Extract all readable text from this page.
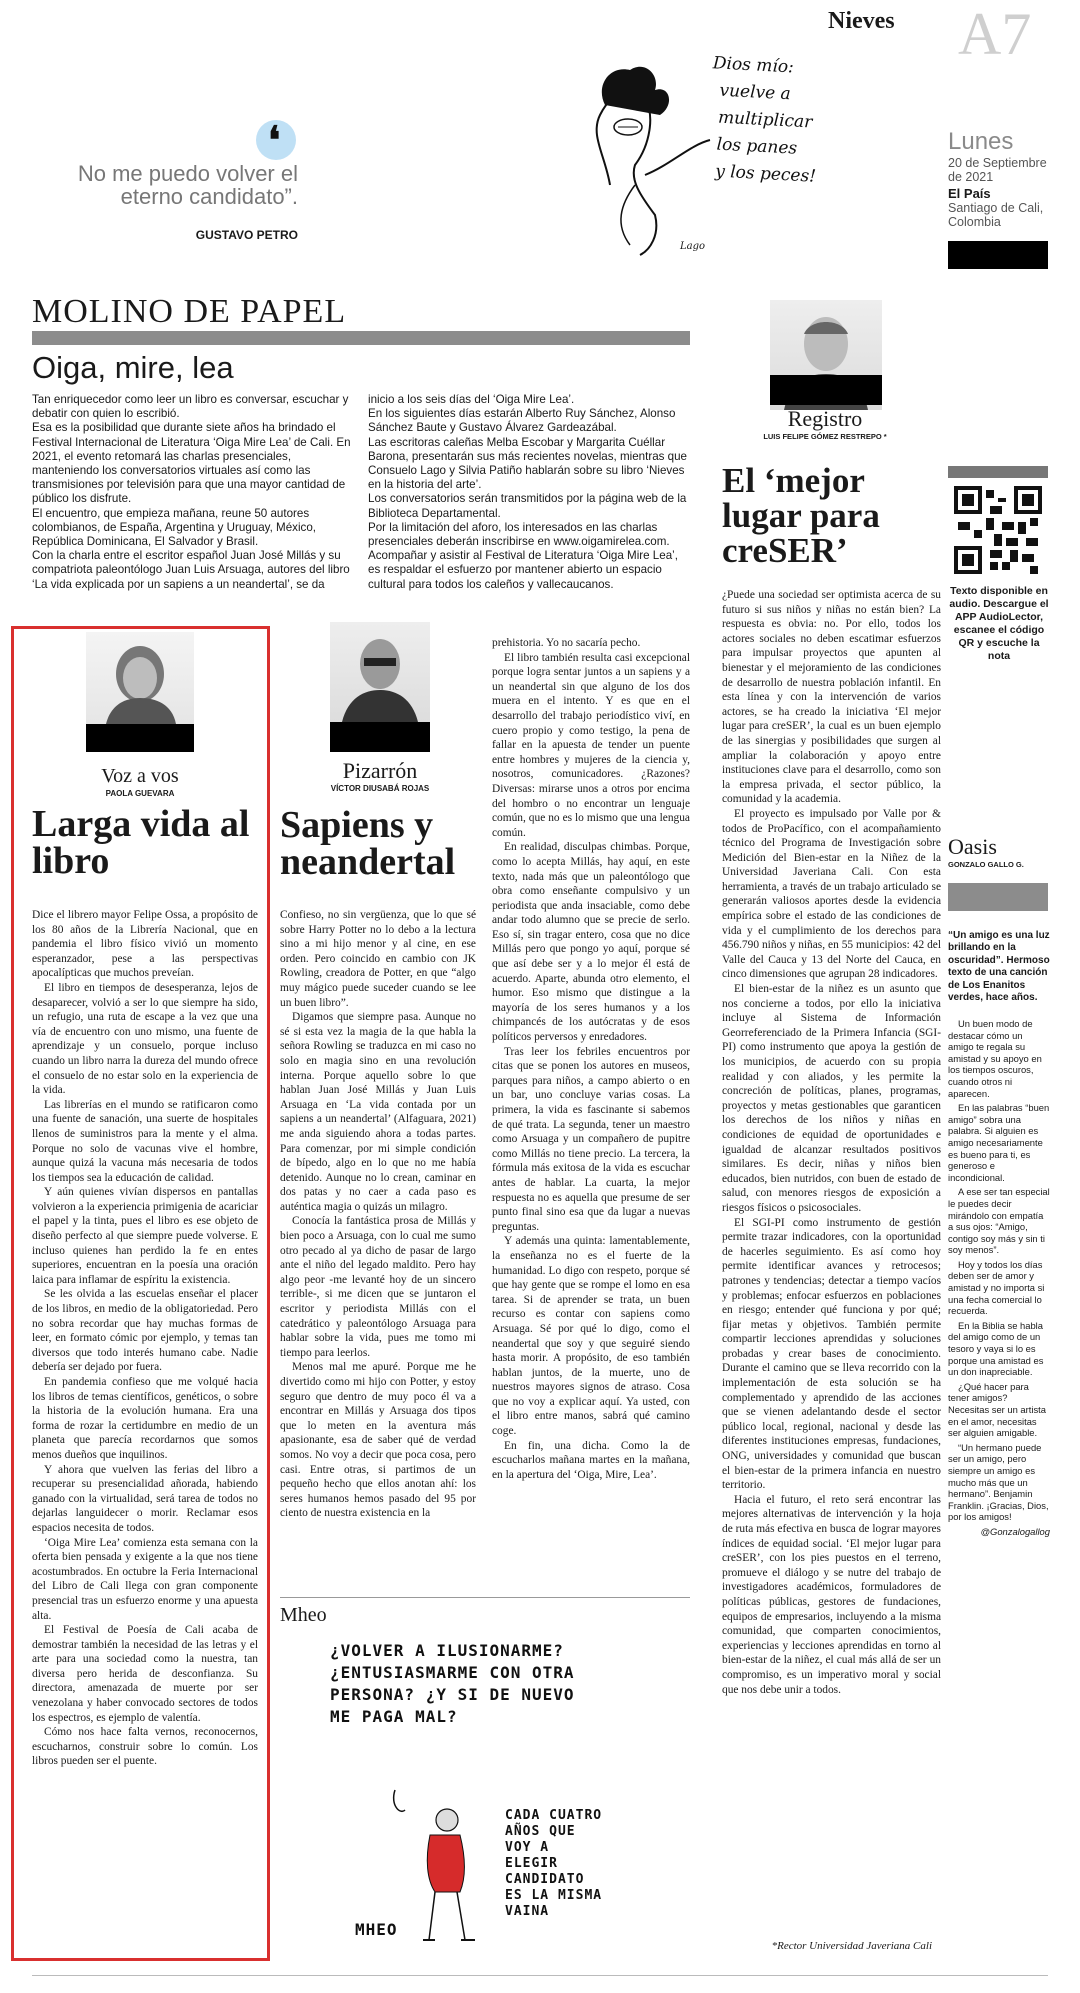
Nieves A7
Lunes
20 de Septiembre de 2021
El País
Santiago de Cali, Colombia
❛
No me puedo volver el eterno candidato”.
GUSTAVO PETRO
Dios mío:
vuelve a
multiplicar
los panes
y los peces!
Lago
MOLINO DE PAPEL
Oiga, mire, lea

Tan enriquecedor como leer un libro es conversar, escuchar y debatir con quien lo escribió.

Esa es la posibilidad que durante siete años ha brindado el Festival Internacional de Literatura ‘Oiga Mire Lea’ de Cali. En 2021, el evento retomará las charlas presenciales, manteniendo los conversatorios virtuales así como las transmisiones por televisión para que una mayor cantidad de público los disfrute.

El encuentro, que empieza mañana, reune 50 autores colombianos, de España, Argentina y Uruguay, México, República Dominicana, El Salvador y Brasil.

Con la charla entre el escritor español Juan José Millás y su compatriota paleontólogo Juan Luis Arsuaga, autores del libro ‘La vida explicada por un sapiens a un neandertal’, se da

inicio a los seis días del ‘Oiga Mire Lea’.

En los siguientes días estarán Alberto Ruy Sánchez, Alonso Sánchez Baute y Gustavo Álvarez Gardeazábal.

Las escritoras caleñas Melba Escobar y Margarita Cuéllar Barona, presentarán sus más recientes novelas, mientras que Consuelo Lago y Silvia Patiño hablarán sobre su libro ‘Nieves en la historia del arte’.

Los conversatorios serán transmitidos por la página web de la Biblioteca Departamental.

Por la limitación del aforo, los interesados en las charlas presenciales deberán inscribirse en www.oigamirelea.com.

Acompañar y asistir al Festival de Literatura ‘Oiga Mire Lea’, es respaldar el esfuerzo por mantener abierto un espacio cultural para todos los caleños y vallecaucanos.

Voz a vos
PAOLA GUEVARA
Larga vida al libro

Dice el librero mayor Felipe Ossa, a propósito de los 80 años de la Librería Nacional, que en pandemia el libro físico vivió un momento esperanzador, pese a las perspectivas apocalípticas que muchos preveían.

El libro en tiempos de desesperanza, lejos de desaparecer, volvió a ser lo que siempre ha sido, un refugio, una ruta de escape a la vez que una vía de encuentro con uno mismo, una fuente de aprendizaje y un consuelo, porque incluso cuando un libro narra la dureza del mundo ofrece el consuelo de no estar solo en la experiencia de la vida.

Las librerías en el mundo se ratificaron como una fuente de sanación, una suerte de hospitales llenos de suministros para la mente y el alma. Porque no solo de vacunas vive el hombre, aunque quizá la vacuna más necesaria de todos los tiempos sea la educación de calidad.

Y aún quienes vivían dispersos en pantallas volvieron a la experiencia primigenia de acariciar el papel y la tinta, pues el libro es ese objeto de diseño perfecto al que siempre puede volverse. E incluso quienes han perdido la fe en entes superiores, encuentran en la poesía una oración laica para inflamar de espíritu la existencia.

Se les olvida a las escuelas enseñar el placer de los libros, en medio de la obligatoriedad. Pero no sobra recordar que hay muchas formas de leer, en formato cómic por ejemplo, y temas tan diversos que todo interés humano cabe. Nadie debería ser dejado por fuera.

En pandemia confieso que me volqué hacia los libros de temas científicos, genéticos, o sobre la historia de la evolución humana. Era una forma de rozar la certidumbre en medio de un planeta que parecía recordarnos que somos menos dueños que inquilinos.

Y ahora que vuelven las ferias del libro a recuperar su presencialidad añorada, habiendo ganado con la virtualidad, será tarea de todos no dejarlas languidecer o morir. Reclamar esos espacios necesita de todos.

‘Oiga Mire Lea’ comienza esta semana con la oferta bien pensada y exigente a la que nos tiene acostumbrados. En octubre la Feria Internacional del Libro de Cali llega con gran componente presencial tras un esfuerzo enorme y una apuesta alta.

El Festival de Poesía de Cali acaba de demostrar también la necesidad de las letras y el arte para una sociedad como la nuestra, tan diversa pero herida de desconfianza. Su directora, amenazada de muerte por ser venezolana y haber convocado sectores de todos los espectros, es ejemplo de valentía.

Cómo nos hace falta vernos, reconocernos, escucharnos, construir sobre lo común. Los libros pueden ser el puente.

Pizarrón
VÍCTOR DIUSABÁ ROJAS
Sapiens y neandertal

Confieso, no sin vergüenza, que lo que sé sobre Harry Potter no lo debo a la lectura sino a mi hijo menor y al cine, en ese orden. Pero coincido en cambio con JK Rowling, creadora de Potter, en que “algo muy mágico puede suceder cuando se lee un buen libro”.

Digamos que siempre pasa. Aunque no sé si esta vez la magia de la que habla la señora Rowling se traduzca en mi caso no solo en magia sino en una revolución interna. Porque aquello sobre lo que hablan Juan José Millás y Juan Luis Arsuaga en ‘La vida contada por un sapiens a un neandertal’ (Alfaguara, 2021) me anda siguiendo ahora a todas partes. Para comenzar, por mi simple condición de bípedo, algo en lo que no me había detenido. Aunque no lo crean, caminar en dos patas y no caer a cada paso es auténtica magia o quizás un milagro.

Conocía la fantástica prosa de Millás y bien poco a Arsuaga, con lo cual me sumo otro pecado al ya dicho de pasar de largo ante el niño del legado maldito. Pero hay algo peor -me levanté hoy de un sincero terrible-, si me dicen que se juntaron el escritor y periodista Millás con el catedrático y paleontólogo Arsuaga para hablar sobre la vida, pues me tomo mi tiempo para leerlos.

Menos mal me apuré. Porque me he divertido como mi hijo con Potter, y estoy seguro que dentro de muy poco él va a encontrar en Millás y Arsuaga dos tipos que lo meten en la aventura más apasionante, esa de saber qué de verdad somos. No voy a decir que poca cosa, pero casi. Entre otras, si partimos de un pequeño hecho que ellos anotan ahí: los seres humanos hemos pasado del 95 por ciento de nuestra existencia en la

prehistoria. Yo no sacaría pecho.

El libro también resulta casi excepcional porque logra sentar juntos a un sapiens y a un neandertal sin que alguno de los dos muera en el intento. Y es que en el desarrollo del trabajo periodístico viví, en cuero propio y como testigo, la pena de fallar en la apuesta de tender un puente entre hombres y mujeres de la ciencia y, nosotros, comunicadores. ¿Razones? Diversas: mirarse unos a otros por encima del hombro o no encontrar un lenguaje común, que no es lo mismo que una lengua común.

En realidad, disculpas chimbas. Porque, como lo acepta Millás, hay aquí, en este texto, nada más que un paleontólogo que obra como enseñante compulsivo y un periodista que anda insaciable, como debe andar todo alumno que se precie de serlo. Eso sí, sin tragar entero, cosa que no dice Millás pero que pongo yo aquí, porque sé que así debe ser y a lo mejor él está de acuerdo. Aparte, abunda otro elemento, el humor. Eso mismo que distingue a la mayoría de los seres humanos y a los chimpancés de los autócratas y de esos políticos perversos y enredadores.

Tras leer los febriles encuentros por citas que se ponen los autores en museos, parques para niños, a campo abierto o en un bar, uno concluye varias cosas. La primera, la vida es fascinante si sabemos de qué trata. La segunda, tener un maestro como Arsuaga y un compañero de pupitre como Millás no tiene precio. La tercera, la fórmula más exitosa de la vida es escuchar antes de hablar. La cuarta, la mejor respuesta no es aquella que presume de ser punto final sino esa que da lugar a nuevas preguntas.

Y además una quinta: lamentablemente, la enseñanza no es el fuerte de la humanidad. Lo digo con respeto, porque sé que hay gente que se rompe el lomo en esa tarea. Si de aprender se trata, un buen recurso es contar con sapiens como Arsuaga. Sé por qué lo digo, como el neandertal que soy y que seguiré siendo hasta morir. A propósito, de eso también hablan juntos, de la muerte, uno de nuestros mayores signos de atraso. Cosa que no voy a explicar aquí. Ya usted, con el libro entre manos, sabrá qué camino coge.

En fin, una dicha. Como la de escucharlos mañana martes en la mañana, en la apertura del ‘Oiga, Mire, Lea’.

Mheo
¿VOLVER A ILUSIONARME?
¿ENTUSIASMARME CON OTRA
PERSONA? ¿Y SI DE NUEVO
ME PAGA MAL?
CADA CUATRO
AÑOS QUE
VOY A
ELEGIR
CANDIDATO
ES LA MISMA
VAINA
MHEO
Registro
LUIS FELIPE GÓMEZ RESTREPO *
El ‘mejor lugar para creSER’

¿Puede una sociedad ser optimista acerca de su futuro si sus niños y niñas no están bien? La respuesta es obvia: no. Por ello, todos los actores sociales no deben escatimar esfuerzos para impulsar proyectos que apunten al bienestar y el mejoramiento de las condiciones de desarrollo de nuestra población infantil. En esta línea y con la intervención de varios actores, se ha creado la iniciativa ‘El mejor lugar para creSER’, la cual es un buen ejemplo de las sinergias y posibilidades que surgen al ampliar la colaboración y apoyo entre instituciones clave para el desarrollo, como son la empresa privada, el sector público, la comunidad y la academia.

El proyecto es impulsado por Valle por & todos de ProPacífico, con el acompañamiento técnico del Programa de Investigación sobre Medición del Bien-estar en la Niñez de la Universidad Javeriana Cali. Con esta herramienta, a través de un trabajo articulado se generarán valiosos aportes desde la evidencia empírica sobre el estado de las condiciones de vida y el cumplimiento de los derechos para 456.790 niños y niñas, en 55 municipios: 42 del Valle del Cauca y 13 del Norte del Cauca, en cinco dimensiones que agrupan 28 indicadores.

El bien-estar de la niñez es un asunto que nos concierne a todos, por ello la iniciativa incluye al Sistema de Información Georreferenciado de la Primera Infancia (SGI-PI) como instrumento que apoya la gestión de los municipios, de acuerdo con su propia realidad y con aliados, y les permite la concreción de políticas, planes, programas, proyectos y metas gestionables que garanticen los derechos de los niños y niñas en condiciones de equidad de oportunidades e igualdad de alcanzar resultados positivos similares. Es decir, niñas y niños bien educados, bien nutridos, con buen de estado de salud, con menores riesgos de exposición a riesgos físicos o psicosociales.

El SGI-PI como instrumento de gestión permite trazar indicadores, con la oportunidad de hacerles seguimiento. Es así como hoy permite identificar avances y retrocesos; patrones y tendencias; detectar a tiempo vacíos y problemas; enfocar esfuerzos en poblaciones en riesgo; entender qué funciona y por qué; fijar metas y objetivos. También permite compartir lecciones aprendidas y soluciones probadas y crear bases de conocimiento. Durante el camino que se lleva recorrido con la implementación de esta solución se ha complementado y aprendido de las acciones que se vienen adelantando desde el sector público local, regional, nacional y desde las diferentes instituciones empresas, fundaciones, ONG, universidades y comunidad que buscan el bien-estar de la primera infancia en nuestro territorio.

Hacia el futuro, el reto será encontrar las mejores alternativas de intervención y la hoja de ruta más efectiva en busca de lograr mayores índices de equidad social. ‘El mejor lugar para creSER’, con los pies puestos en el terreno, promueve el diálogo y se nutre del trabajo de investigadores académicos, formuladores de políticas públicas, gestores de fundaciones, equipos de empresarios, incluyendo a la misma comunidad, que comparten conocimientos, experiencias y lecciones aprendidas en torno al bien-estar de la niñez, el cual más allá de ser un compromiso, es un imperativo moral y social que nos debe unir a todos.

*Rector Universidad Javeriana Cali
Texto disponible en audio. Descargue el APP AudioLector, escanee el código QR y escuche la nota
Oasis
GONZALO GALLO G.
“Un amigo es una luz brillando en la oscuridad”. Hermoso texto de una canción de Los Enanitos verdes, hace años.

Un buen modo de destacar cómo un amigo te regala su amistad y su apoyo en los tiempos oscuros, cuando otros ni aparecen.

En las palabras “buen amigo” sobra una palabra. Si alguien es amigo necesariamente es bueno para ti, es generoso e incondicional.

A ese ser tan especial le puedes decir mirándolo con empatía a sus ojos: “Amigo, contigo soy más y sin ti soy menos”.

Hoy y todos los días deben ser de amor y amistad y no importa si una fecha comercial lo recuerda.

En la Biblia se habla del amigo como de un tesoro y vaya si lo es porque una amistad es un don inapreciable.

¿Qué hacer para tener amigos? Necesitas ser un artista en el amor, necesitas ser alguien amigable.

“Un hermano puede ser un amigo, pero siempre un amigo es mucho más que un hermano”. Benjamin Franklin. ¡Gracias, Dios, por los amigos!

@Gonzalogallog
